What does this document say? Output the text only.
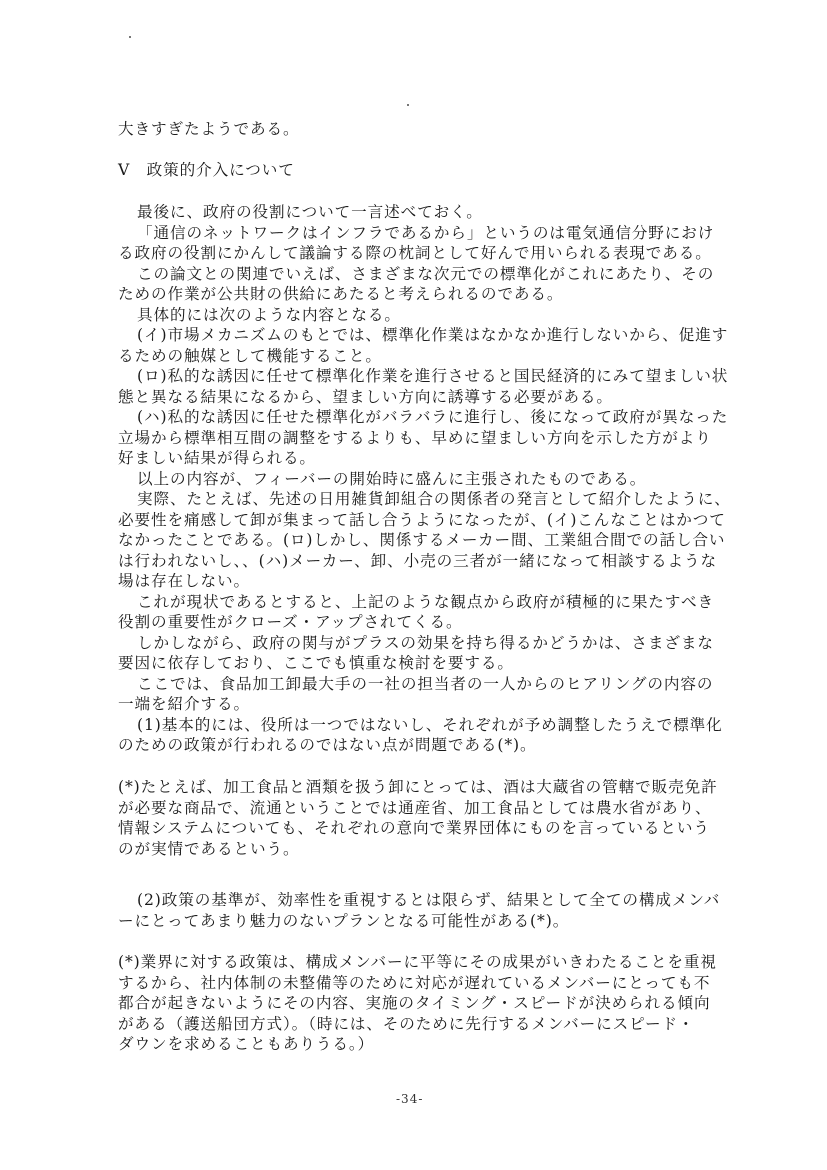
大きすぎたようである。
Ⅴ　政策的介入について
最後に、政府の役割について一言述べておく。
「通信のネットワークはインフラであるから」というのは電気通信分野におけ
る政府の役割にかんして議論する際の枕詞として好んで用いられる表現である。
この論文との関連でいえば、さまざまな次元での標準化がこれにあたり、その
ための作業が公共財の供給にあたると考えられるのである。
具体的には次のような内容となる。
(イ)市場メカニズムのもとでは、標準化作業はなかなか進行しないから、促進す
るための触媒として機能すること。
(ロ)私的な誘因に任せて標準化作業を進行させると国民経済的にみて望ましい状
態と異なる結果になるから、望ましい方向に誘導する必要がある。
(ハ)私的な誘因に任せた標準化がバラバラに進行し、後になって政府が異なった
立場から標準相互間の調整をするよりも、早めに望ましい方向を示した方がより
好ましい結果が得られる。
以上の内容が、フィーバーの開始時に盛んに主張されたものである。
実際、たとえば、先述の日用雑貨卸組合の関係者の発言として紹介したように、
必要性を痛感して卸が集まって話し合うようになったが、(イ)こんなことはかつて
なかったことである。(ロ)しかし、関係するメーカー間、工業組合間での話し合い
は行われないし、、(ハ)メーカー、卸、小売の三者が一緒になって相談するような
場は存在しない。
これが現状であるとすると、上記のような観点から政府が積極的に果たすべき
役割の重要性がクローズ・アップされてくる。
しかしながら、政府の関与がプラスの効果を持ち得るかどうかは、さまざまな
要因に依存しており、ここでも慎重な検討を要する。
ここでは、食品加工卸最大手の一社の担当者の一人からのヒアリングの内容の
一端を紹介する。
(1)基本的には、役所は一つではないし、それぞれが予め調整したうえで標準化
のための政策が行われるのではない点が問題である(*)。
(*)たとえば、加工食品と酒類を扱う卸にとっては、酒は大蔵省の管轄で販売免許
が必要な商品で、流通ということでは通産省、加工食品としては農水省があり、
情報システムについても、それぞれの意向で業界団体にものを言っているという
のが実情であるという。
(2)政策の基準が、効率性を重視するとは限らず、結果として全ての構成メンバ
ーにとってあまり魅力のないプランとなる可能性がある(*)。
(*)業界に対する政策は、構成メンバーに平等にその成果がいきわたることを重視
するから、社内体制の未整備等のために対応が遅れているメンバーにとっても不
都合が起きないようにその内容、実施のタイミング・スピードが決められる傾向
がある（護送船団方式）。（時には、そのために先行するメンバーにスピード・
ダウンを求めることもありうる。）
-34-
